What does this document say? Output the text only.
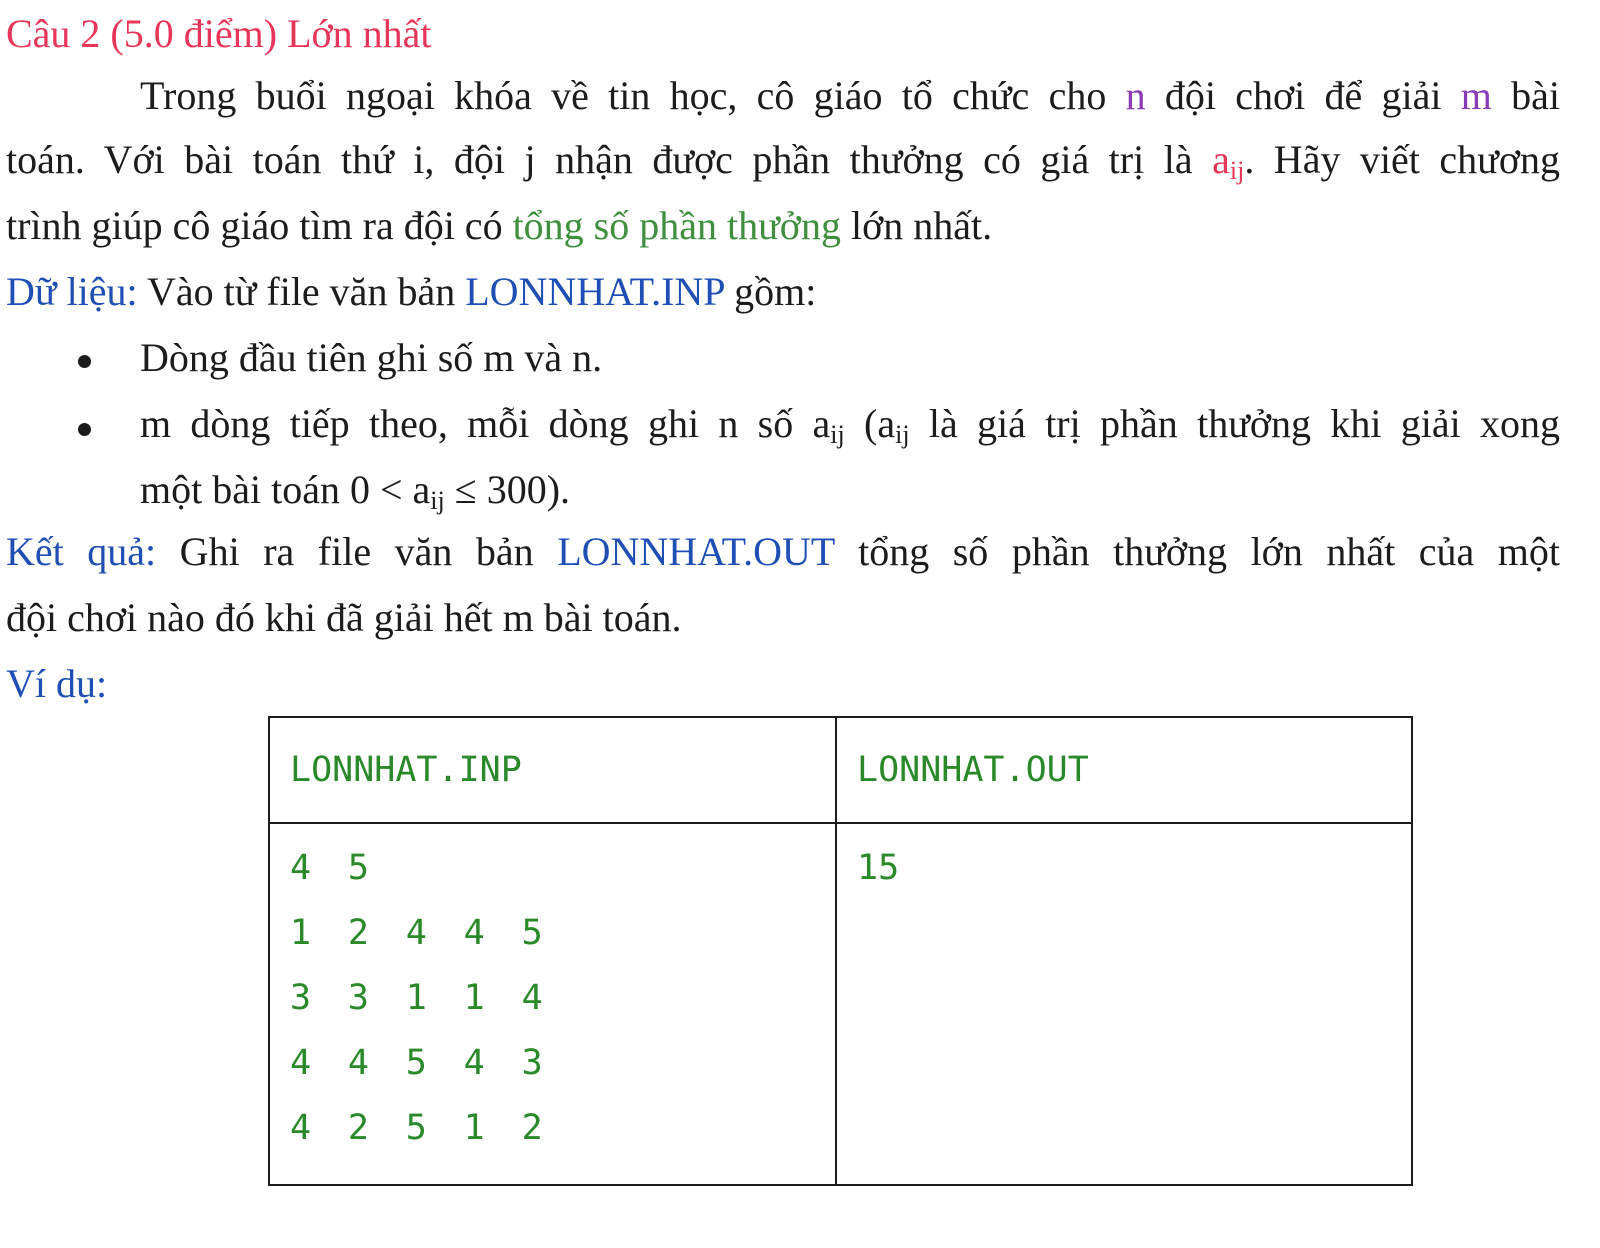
Câu 2 (5.0 điểm) Lớn nhất
Trong buổi ngoại khóa về tin học, cô giáo tổ chức cho n đội chơi để giải m bài
toán. Với bài toán thứ i, đội j nhận được phần thưởng có giá trị là $a_{ij}$. Hãy viết chương
trình giúp cô giáo tìm ra đội có tổng số phần thưởng lớn nhất.
Dữ liệu: Vào từ file văn bản LONNHAT.INP gồm:
Dòng đầu tiên ghi số m và n.
m dòng tiếp theo, mỗi dòng ghi n số $a_{ij}$ ($a_{ij}$ là giá trị phần thưởng khi giải xong
một bài toán $0 < a_{ij} \le 300$).
Kết quả: Ghi ra file văn bản LONNHAT.OUT tổng số phần thưởng lớn nhất của một
đội chơi nào đó khi đã giải hết m bài toán.
Ví dụ:
LONNHAT.INP	LONNHAT.OUT

4 5
1 2 4 4 5
3 3 1 1 4
4 4 5 4 3
4 2 5 1 2	15
